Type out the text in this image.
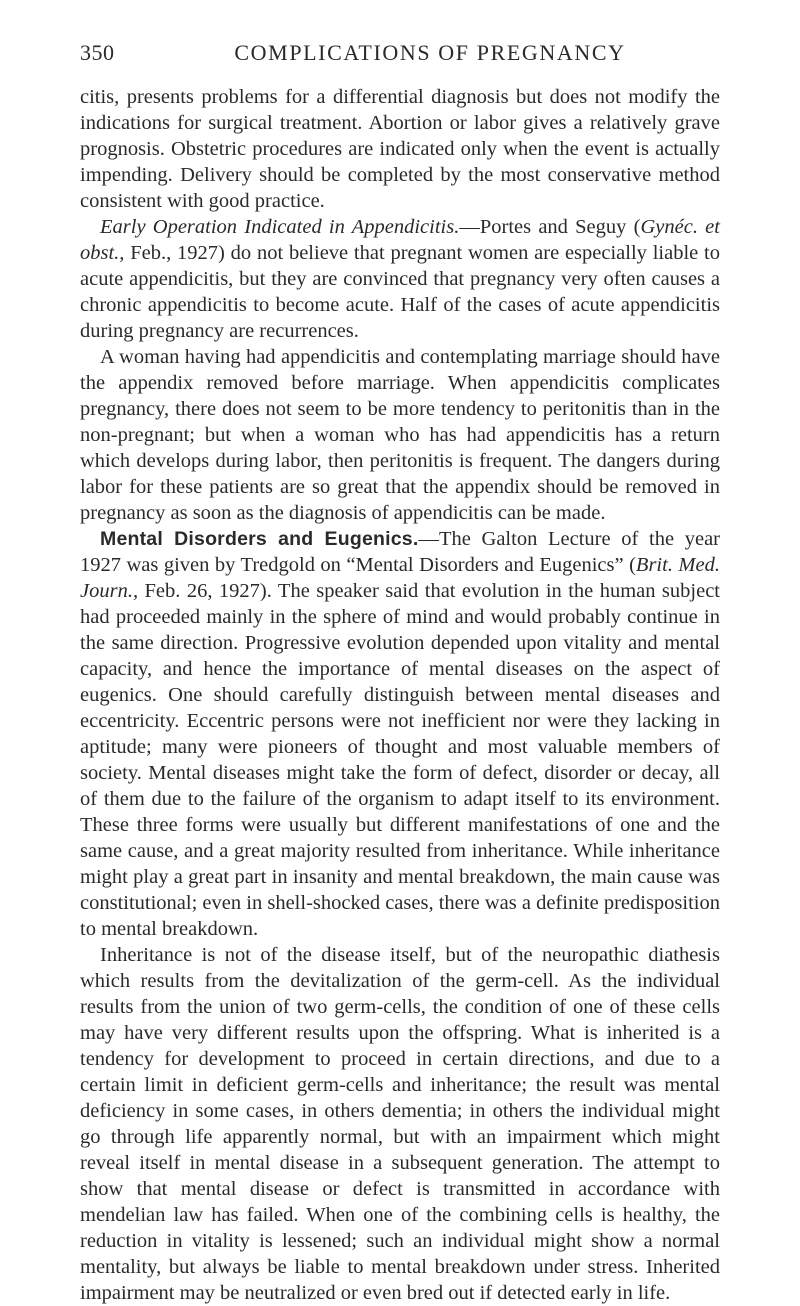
350	COMPLICATIONS OF PREGNANCY

citis, presents problems for a differential diagnosis but does not modify the indications for surgical treatment. Abortion or labor gives a relatively grave prognosis. Obstetric procedures are indicated only when the event is actually impending. Delivery should be completed by the most conservative method consistent with good practice.

Early Operation Indicated in Appendicitis.—Portes and Seguy (Gynéc. et obst., Feb., 1927) do not believe that pregnant women are especially liable to acute appendicitis, but they are convinced that pregnancy very often causes a chronic appendicitis to become acute. Half of the cases of acute appendicitis during pregnancy are recurrences.

A woman having had appendicitis and contemplating marriage should have the appendix removed before marriage. When appendicitis complicates pregnancy, there does not seem to be more tendency to peritonitis than in the non-pregnant; but when a woman who has had appendicitis has a return which develops during labor, then peritonitis is frequent. The dangers during labor for these patients are so great that the appendix should be removed in pregnancy as soon as the diagnosis of appendicitis can be made.

Mental Disorders and Eugenics.—The Galton Lecture of the year 1927 was given by Tredgold on “Mental Disorders and Eugenics” (Brit. Med. Journ., Feb. 26, 1927). The speaker said that evolution in the human subject had proceeded mainly in the sphere of mind and would probably continue in the same direction. Progressive evolution depended upon vitality and mental capacity, and hence the importance of mental diseases on the aspect of eugenics. One should carefully distinguish between mental diseases and eccentricity. Eccentric persons were not inefficient nor were they lacking in aptitude; many were pioneers of thought and most valuable members of society. Mental diseases might take the form of defect, disorder or decay, all of them due to the failure of the organism to adapt itself to its environment. These three forms were usually but different manifestations of one and the same cause, and a great majority resulted from inheritance. While inheritance might play a great part in insanity and mental breakdown, the main cause was constitutional; even in shell-shocked cases, there was a definite predisposition to mental breakdown.

Inheritance is not of the disease itself, but of the neuropathic diathesis which results from the devitalization of the germ-cell. As the individual results from the union of two germ-cells, the condition of one of these cells may have very different results upon the offspring. What is inherited is a tendency for development to proceed in certain directions, and due to a certain limit in deficient germ-cells and inheritance; the result was mental deficiency in some cases, in others dementia; in others the individual might go through life apparently normal, but with an impairment which might reveal itself in mental disease in a subsequent generation. The attempt to show that mental disease or defect is transmitted in accordance with mendelian law has failed. When one of the combining cells is healthy, the reduction in vitality is lessened; such an individual might show a normal mentality, but always be liable to mental breakdown under stress. Inherited impairment may be neutralized or even bred out if detected early in life.
